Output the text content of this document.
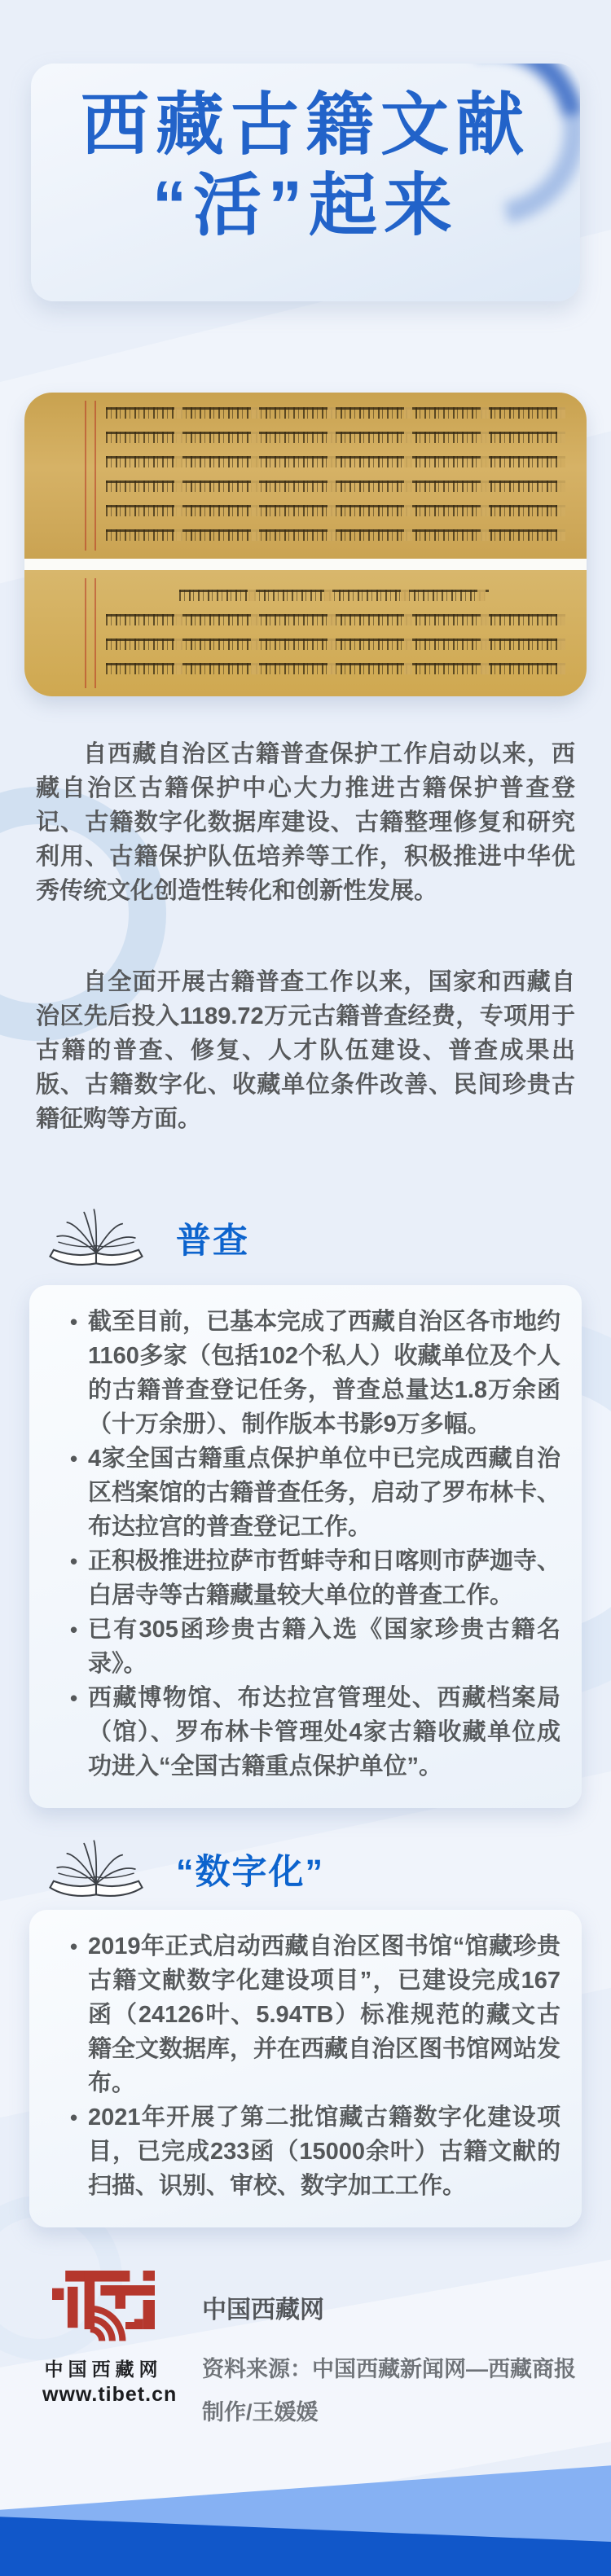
西藏古籍文献
“活”起来

自西藏自治区古籍普查保护工作启动以来，西藏自治区古籍保护中心大力推进古籍保护普查登记、古籍数字化数据库建设、古籍整理修复和研究利用、古籍保护队伍培养等工作，积极推进中华优秀传统文化创造性转化和创新性发展。

自全面开展古籍普查工作以来，国家和西藏自治区先后投入1189.72万元古籍普查经费，专项用于古籍的普查、修复、人才队伍建设、普查成果出版、古籍数字化、收藏单位条件改善、民间珍贵古籍征购等方面。

普查
• 截至目前，已基本完成了西藏自治区各市地约1160多家（包括102个私人）收藏单位及个人的古籍普查登记任务，普查总量达1.8万余函（十万余册）、制作版本书影9万多幅。
• 4家全国古籍重点保护单位中已完成西藏自治区档案馆的古籍普查任务，启动了罗布林卡、布达拉宫的普查登记工作。
• 正积极推进拉萨市哲蚌寺和日喀则市萨迦寺、白居寺等古籍藏量较大单位的普查工作。
• 已有305函珍贵古籍入选《国家珍贵古籍名录》。
• 西藏博物馆、布达拉宫管理处、西藏档案局（馆）、罗布林卡管理处4家古籍收藏单位成功进入“全国古籍重点保护单位”。
“数字化”
• 2019年正式启动西藏自治区图书馆“馆藏珍贵古籍文献数字化建设项目”，已建设完成167函（24126叶、5.94TB）标准规范的藏文古籍全文数据库，并在西藏自治区图书馆网站发布。
• 2021年开展了第二批馆藏古籍数字化建设项目，已完成233函（15000余叶）古籍文献的扫描、识别、审校、数字加工工作。
中国西藏网
www.tibet.cn
中国西藏网
资料来源：中国西藏新闻网—西藏商报
制作/王媛媛
